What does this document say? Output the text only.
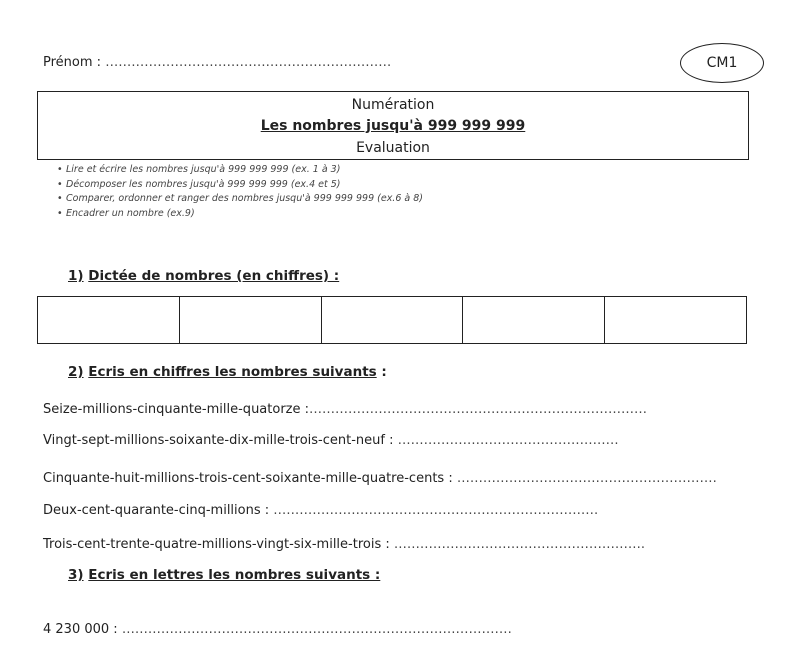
Prénom : …………………………………………………………	CM1
Numération
Les nombres jusqu'à 999 999 999
Evaluation
• Lire et écrire les nombres jusqu'à 999 999 999 (ex. 1 à 3)
• Décomposer les nombres jusqu'à 999 999 999 (ex.4 et 5)
• Comparer, ordonner et ranger des nombres jusqu'à 999 999 999 (ex.6 à 8)
• Encadrer un nombre (ex.9)
1) Dictée de nombres (en chiffres) :
2) Ecris en chiffres les nombres suivants :
Seize-millions-cinquante-mille-quatorze :……………………………………………………………………
Vingt-sept-millions-soixante-dix-mille-trois-cent-neuf : ……………………………………………
Cinquante-huit-millions-trois-cent-soixante-mille-quatre-cents : ……………………………………………………
Deux-cent-quarante-cinq-millions : …………………………………………………………………
Trois-cent-trente-quatre-millions-vingt-six-mille-trois : ………………………………………………….
3) Ecris en lettres les nombres suivants :
4 230 000 : ………………………………………………………………………………
